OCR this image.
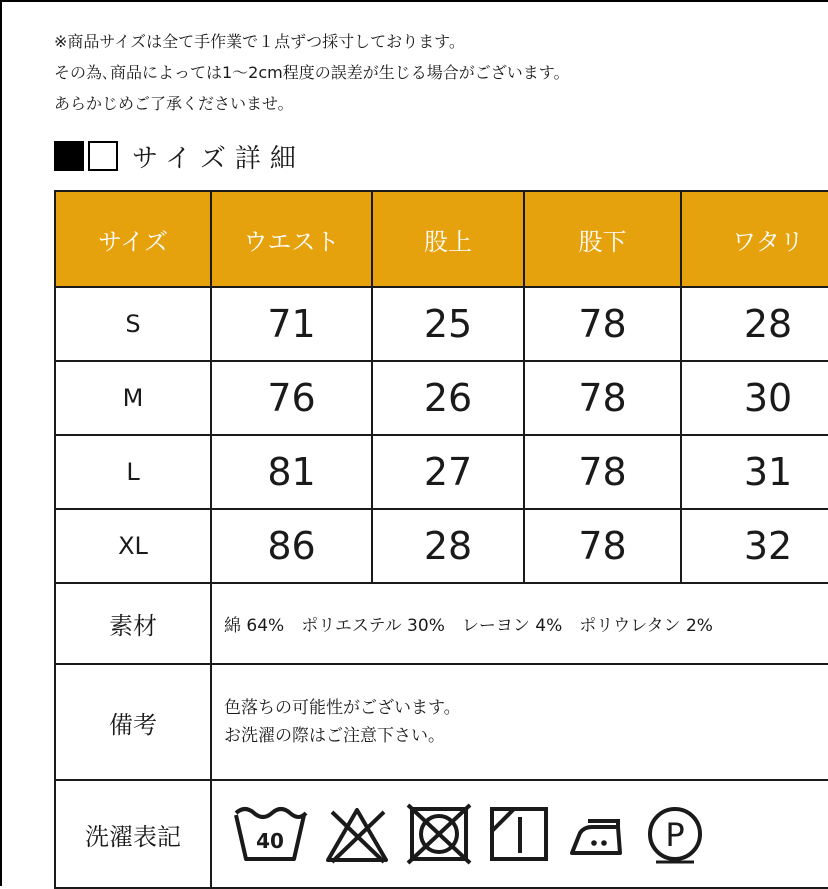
※商品サイズは全て手作業で１点ずつ採寸しております。
その為､商品によっては1〜2cm程度の誤差が生じる場合がございます。
あらかじめご了承くださいませ。
サイズ詳細
サイズ	ウエスト	股上	股下	ワタリ
S	71	25	78	28
M	76	26	78	30
L	81	27	78	31
XL	86	28	78	32
素材	綿 64%　ポリエステル 30%　レーヨン 4%　ポリウレタン 2%			
備考	色落ちの可能性がございます。
お洗濯の際はご注意下さい。			

洗濯表記	40 P			
